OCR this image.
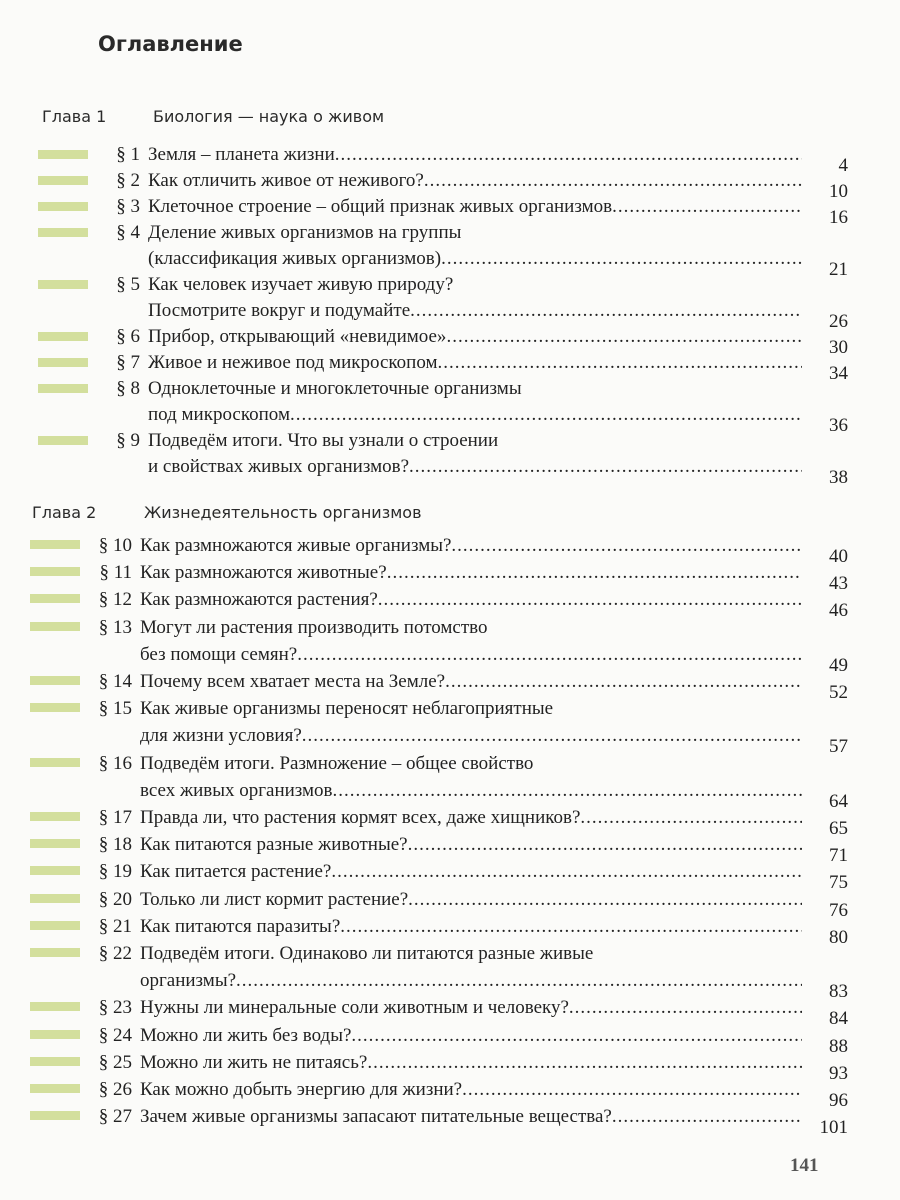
Оглавление
Глава 1	Биология — наука о живом
§ 1 Земля – планета жизни
.....
4
§ 2 Как отличить живое от неживого?
.....
10
§ 3 Клеточное строение – общий признак живых организмов
.....
16
§ 4 Деление живых организмов на группы
(классификация живых организмов)
.....
21
§ 5 Как человек изучает живую природу?
Посмотрите вокруг и подумайте
.....
26
§ 6 Прибор, открывающий «невидимое»
.....
30
§ 7 Живое и неживое под микроскопом
.....
34
§ 8 Одноклеточные и многоклеточные организмы
под микроскопом
.....
36
§ 9 Подведём итоги. Что вы узнали о строении
и свойствах живых организмов?
.....
38
Глава 2	Жизнедеятельность организмов
§ 10 Как размножаются живые организмы?
.....
40
§ 11 Как размножаются животные?
.....
43
§ 12 Как размножаются растения?
.....
46
§ 13 Могут ли растения производить потомство
без помощи семян?
.....
49
§ 14 Почему всем хватает места на Земле?
.....
52
§ 15 Как живые организмы переносят неблагоприятные
для жизни условия?
.....
57
§ 16 Подведём итоги. Размножение – общее свойство
всех живых организмов
.....
64
§ 17 Правда ли, что растения кормят всех, даже хищников?
.....
65
§ 18 Как питаются разные животные?
.....
71
§ 19 Как питается растение?
.....
75
§ 20 Только ли лист кормит растение?
.....
76
§ 21 Как питаются паразиты?
.....
80
§ 22 Подведём итоги. Одинаково ли питаются разные живые
организмы?
.....
83
§ 23 Нужны ли минеральные соли животным и человеку?
.....
84
§ 24 Можно ли жить без воды?
.....
88
§ 25 Можно ли жить не питаясь?
.....
93
§ 26 Как можно добыть энергию для жизни?
.....
96
§ 27 Зачем живые организмы запасают питательные вещества?
.....
101
141
